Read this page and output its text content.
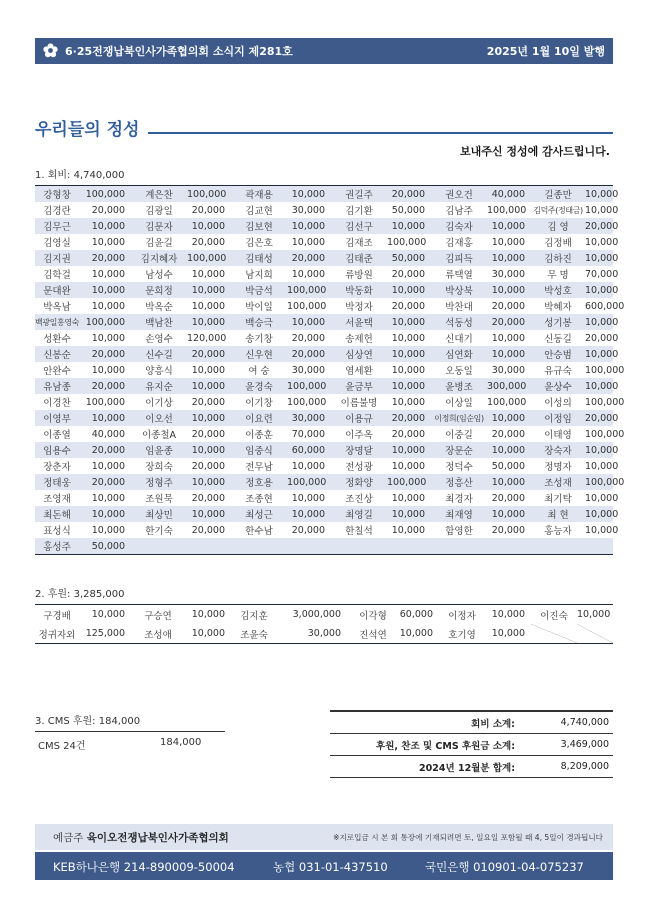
6·25전쟁납북인사가족협의회 소식지 제281호	2025년 1월 10일 발행
우리들의 정성
보내주신 정성에 감사드립니다.
1. 회비: 4,740,000
강형창	100,000	계은찬	100,000	곽재용	10,000	권길주	20,000	권오건	40,000	길종만	10,000
김경란	20,000	김광일	20,000	김교현	30,000	김기환	50,000	김남주	100,000	김덕주(정태금)	10,000
김무근	10,000	김문자	10,000	김보현	10,000	김선구	10,000	김숙자	10,000	김 영	20,000
김영실	10,000	김윤길	20,000	김은호	10,000	김재조	100,000	김재홍	10,000	김정배	10,000
김지권	20,000	김지혜자	100,000	김태성	20,000	김태준	50,000	김피득	10,000	김하진	10,000
김학걸	10,000	남성수	10,000	남지희	10,000	류방원	20,000	류택열	30,000	무 명	70,000
문대완	10,000	문희정	10,000	박금석	100,000	박동화	10,000	박상북	10,000	박성호	10,000
박옥남	10,000	박옥순	10,000	박이일	100,000	박정자	20,000	박찬대	20,000	박혜자	600,000
백광일홍영숙	100,000	백남찬	10,000	백승극	10,000	서윤택	10,000	석동성	20,000	성기봉	10,000
성환수	10,000	손영수	120,000	송기창	20,000	송제헌	10,000	신대기	10,000	신동길	20,000
신봉순	20,000	신수길	20,000	신우현	20,000	심상연	10,000	심연화	10,000	안승범	10,000
안완수	10,000	양흥식	10,000	여 숭	30,000	염세환	10,000	오동일	30,000	유규숙	100,000
유남종	20,000	유지순	10,000	윤경숙	100,000	윤금부	10,000	윤병조	300,000	윤상수	10,000
이경찬	100,000	이기상	20,000	이기창	100,000	이름불명	10,000	이상일	100,000	이성의	100,000
이영부	10,000	이오선	10,000	이요련	30,000	이용규	20,000	이정희(임순임)	10,000	이정임	20,000
이종열	40,000	이종철A	20,000	이종훈	70,000	이주옥	20,000	이중길	20,000	이태영	100,000
임용수	20,000	임윤종	10,000	임중식	60,000	장명달	10,000	장문순	10,000	장숙자	10,000
장춘자	10,000	장희숙	20,000	전무남	10,000	전성광	10,000	정덕수	50,000	정명자	10,000
정태웅	20,000	정형주	10,000	정호용	100,000	정화양	100,000	정흥산	10,000	조성재	100,000
조영재	10,000	조원묵	20,000	조종현	10,000	조진상	10,000	최경자	20,000	최기탁	10,000
최돈해	10,000	최상민	10,000	최성근	10,000	최영길	10,000	최재영	10,000	최 현	10,000
표성식	10,000	한기숙	20,000	한수남	20,000	한칠석	10,000	함영한	20,000	홍능자	10,000
홍성주	50,000										
2. 후원: 3,285,000
구경배	10,000	구승연	10,000	김지훈	3,000,000	이각형	60,000	이정자	10,000	이진숙	10,000
정귀자외	125,000	조성애	10,000	조윤숙	30,000	진석연	10,000	호기영	10,000		
3. CMS 후원: 184,000
CMS 24건	184,000
회비 소계:	4,740,000
후원, 찬조 및 CMS 후원금 소계:	3,469,000
2024년 12월분 합계:	8,209,000
예금주 육이오전쟁납북인사가족협의회	※지로입금 시 본 회 통장에 기재되려면 토, 일요일 포함될 때 4, 5일이 경과됩니다
KEB하나은행 214-890009-50004	농협 031-01-437510	국민은행 010901-04-075237
